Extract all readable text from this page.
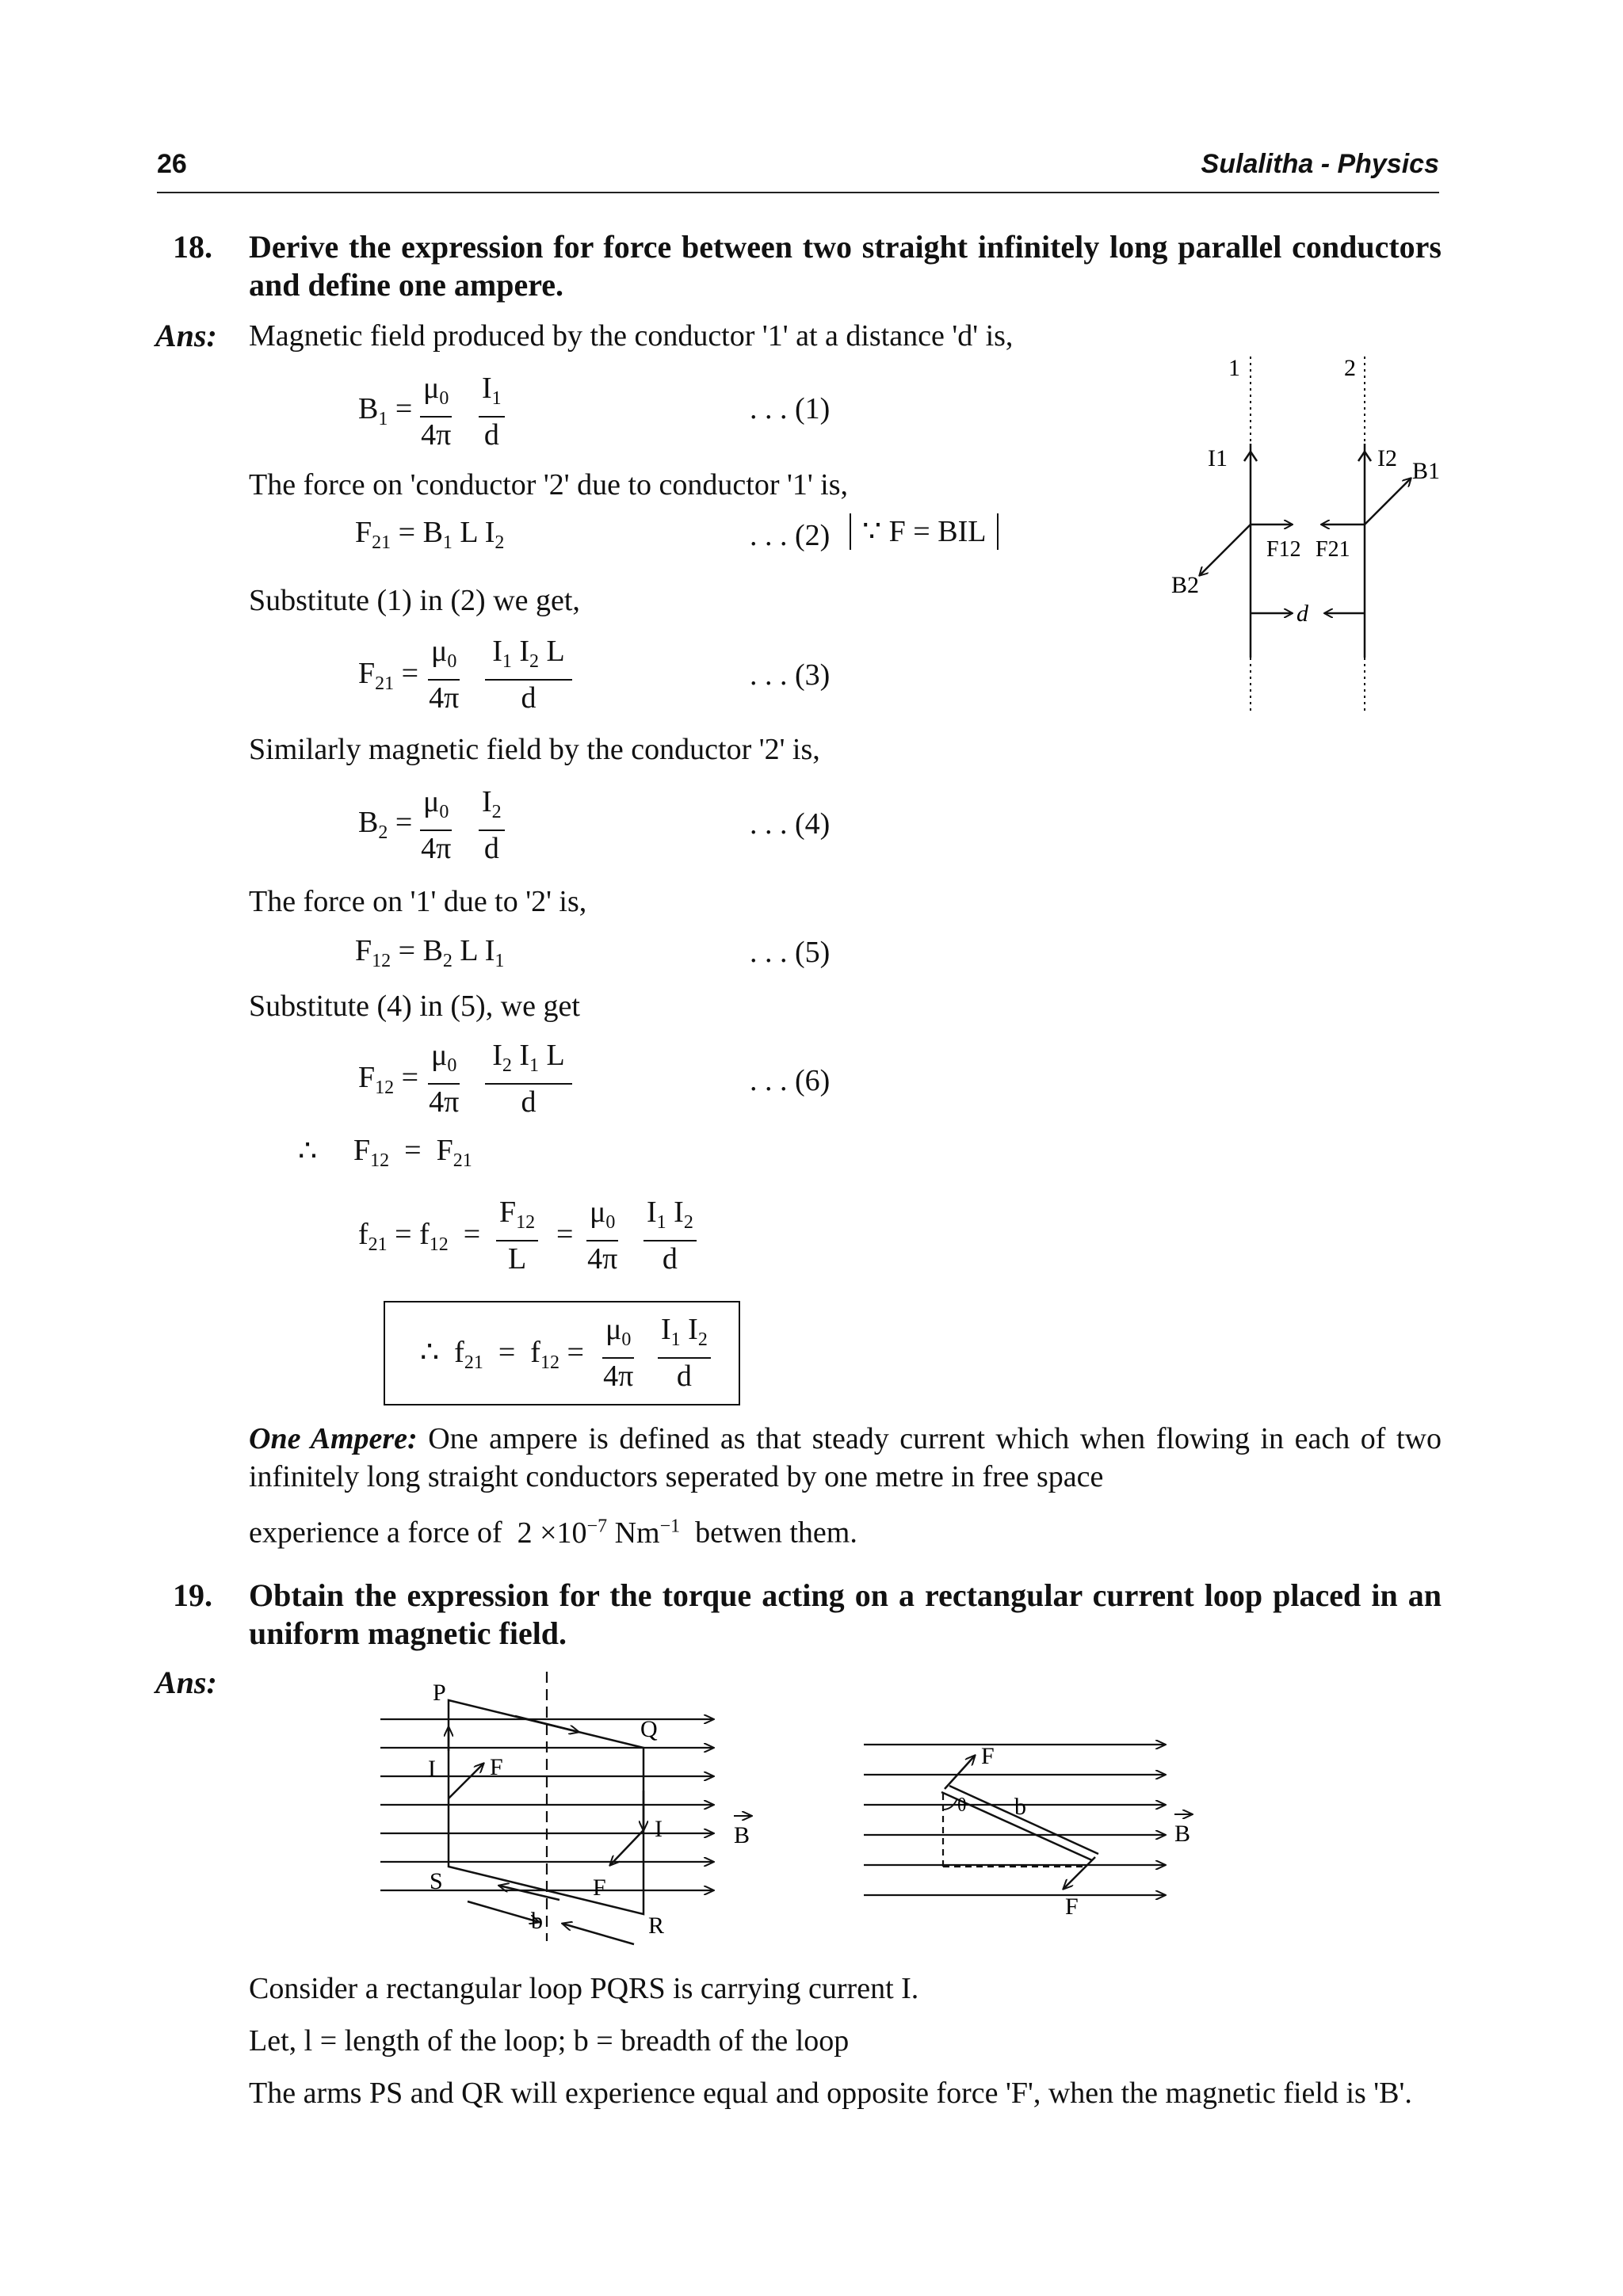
26	Sulalitha - Physics
18. Derive the expression for force between two straight infinitely long parallel conductors and define one ampere.
Ans: Magnetic field produced by the conductor '1' at a distance 'd' is,
$B_1 = \frac{\mu_0}{4\pi} \frac{I_1}{d}$	. . . (1)
The force on 'conductor '2' due to conductor '1' is,
$F_{21} = B_1$ L $I_2$	. . . (2)	∵ F = BIL
Substitute (1) in (2) we get,
$F_{21} = \frac{\mu_0}{4\pi} \frac{I_1 I_2 L}{d}$	. . . (3)
Similarly magnetic field by the conductor '2' is,
$B_2 = \frac{\mu_0}{4\pi} \frac{I_2}{d}$	. . . (4)
The force on '1' due to '2' is,
$F_{12} = B_2$ L $I_1$	. . . (5)
Substitute (4) in (5), we get
$F_{12} = \frac{\mu_0}{4\pi} \frac{I_2 I_1 L}{d}$	. . . (6)
∴ $F_{12} = F_{21}$
$f_{21} = f_{12} = \frac{F_{12}}{L} = \frac{\mu_0}{4\pi} \frac{I_1 I_2}{d}$
∴  $f_{21} = f_{12} = \frac{\mu_0}{4\pi} \frac{I_1 I_2}{d}$
One Ampere: One ampere is defined as that steady current which when flowing in each of two infinitely long straight conductors seperated by one metre in free space
experience a force of $2 \times 10^{-7}$ $Nm^{-1}$ betwen them.
1	2
I1	I2 B1
B2
F12 F21
d
19. Obtain the expression for the torque acting on a rectangular current loop placed in an uniform magnetic field.
Ans:	P
Q
R
S
I
I
F
F
b
B
F
θ b
B
F
Consider a rectangular loop PQRS is carrying current I.
Let, l = length of the loop; b = breadth of the loop
The arms PS and QR will experience equal and opposite force 'F', when the magnetic field is 'B'.
